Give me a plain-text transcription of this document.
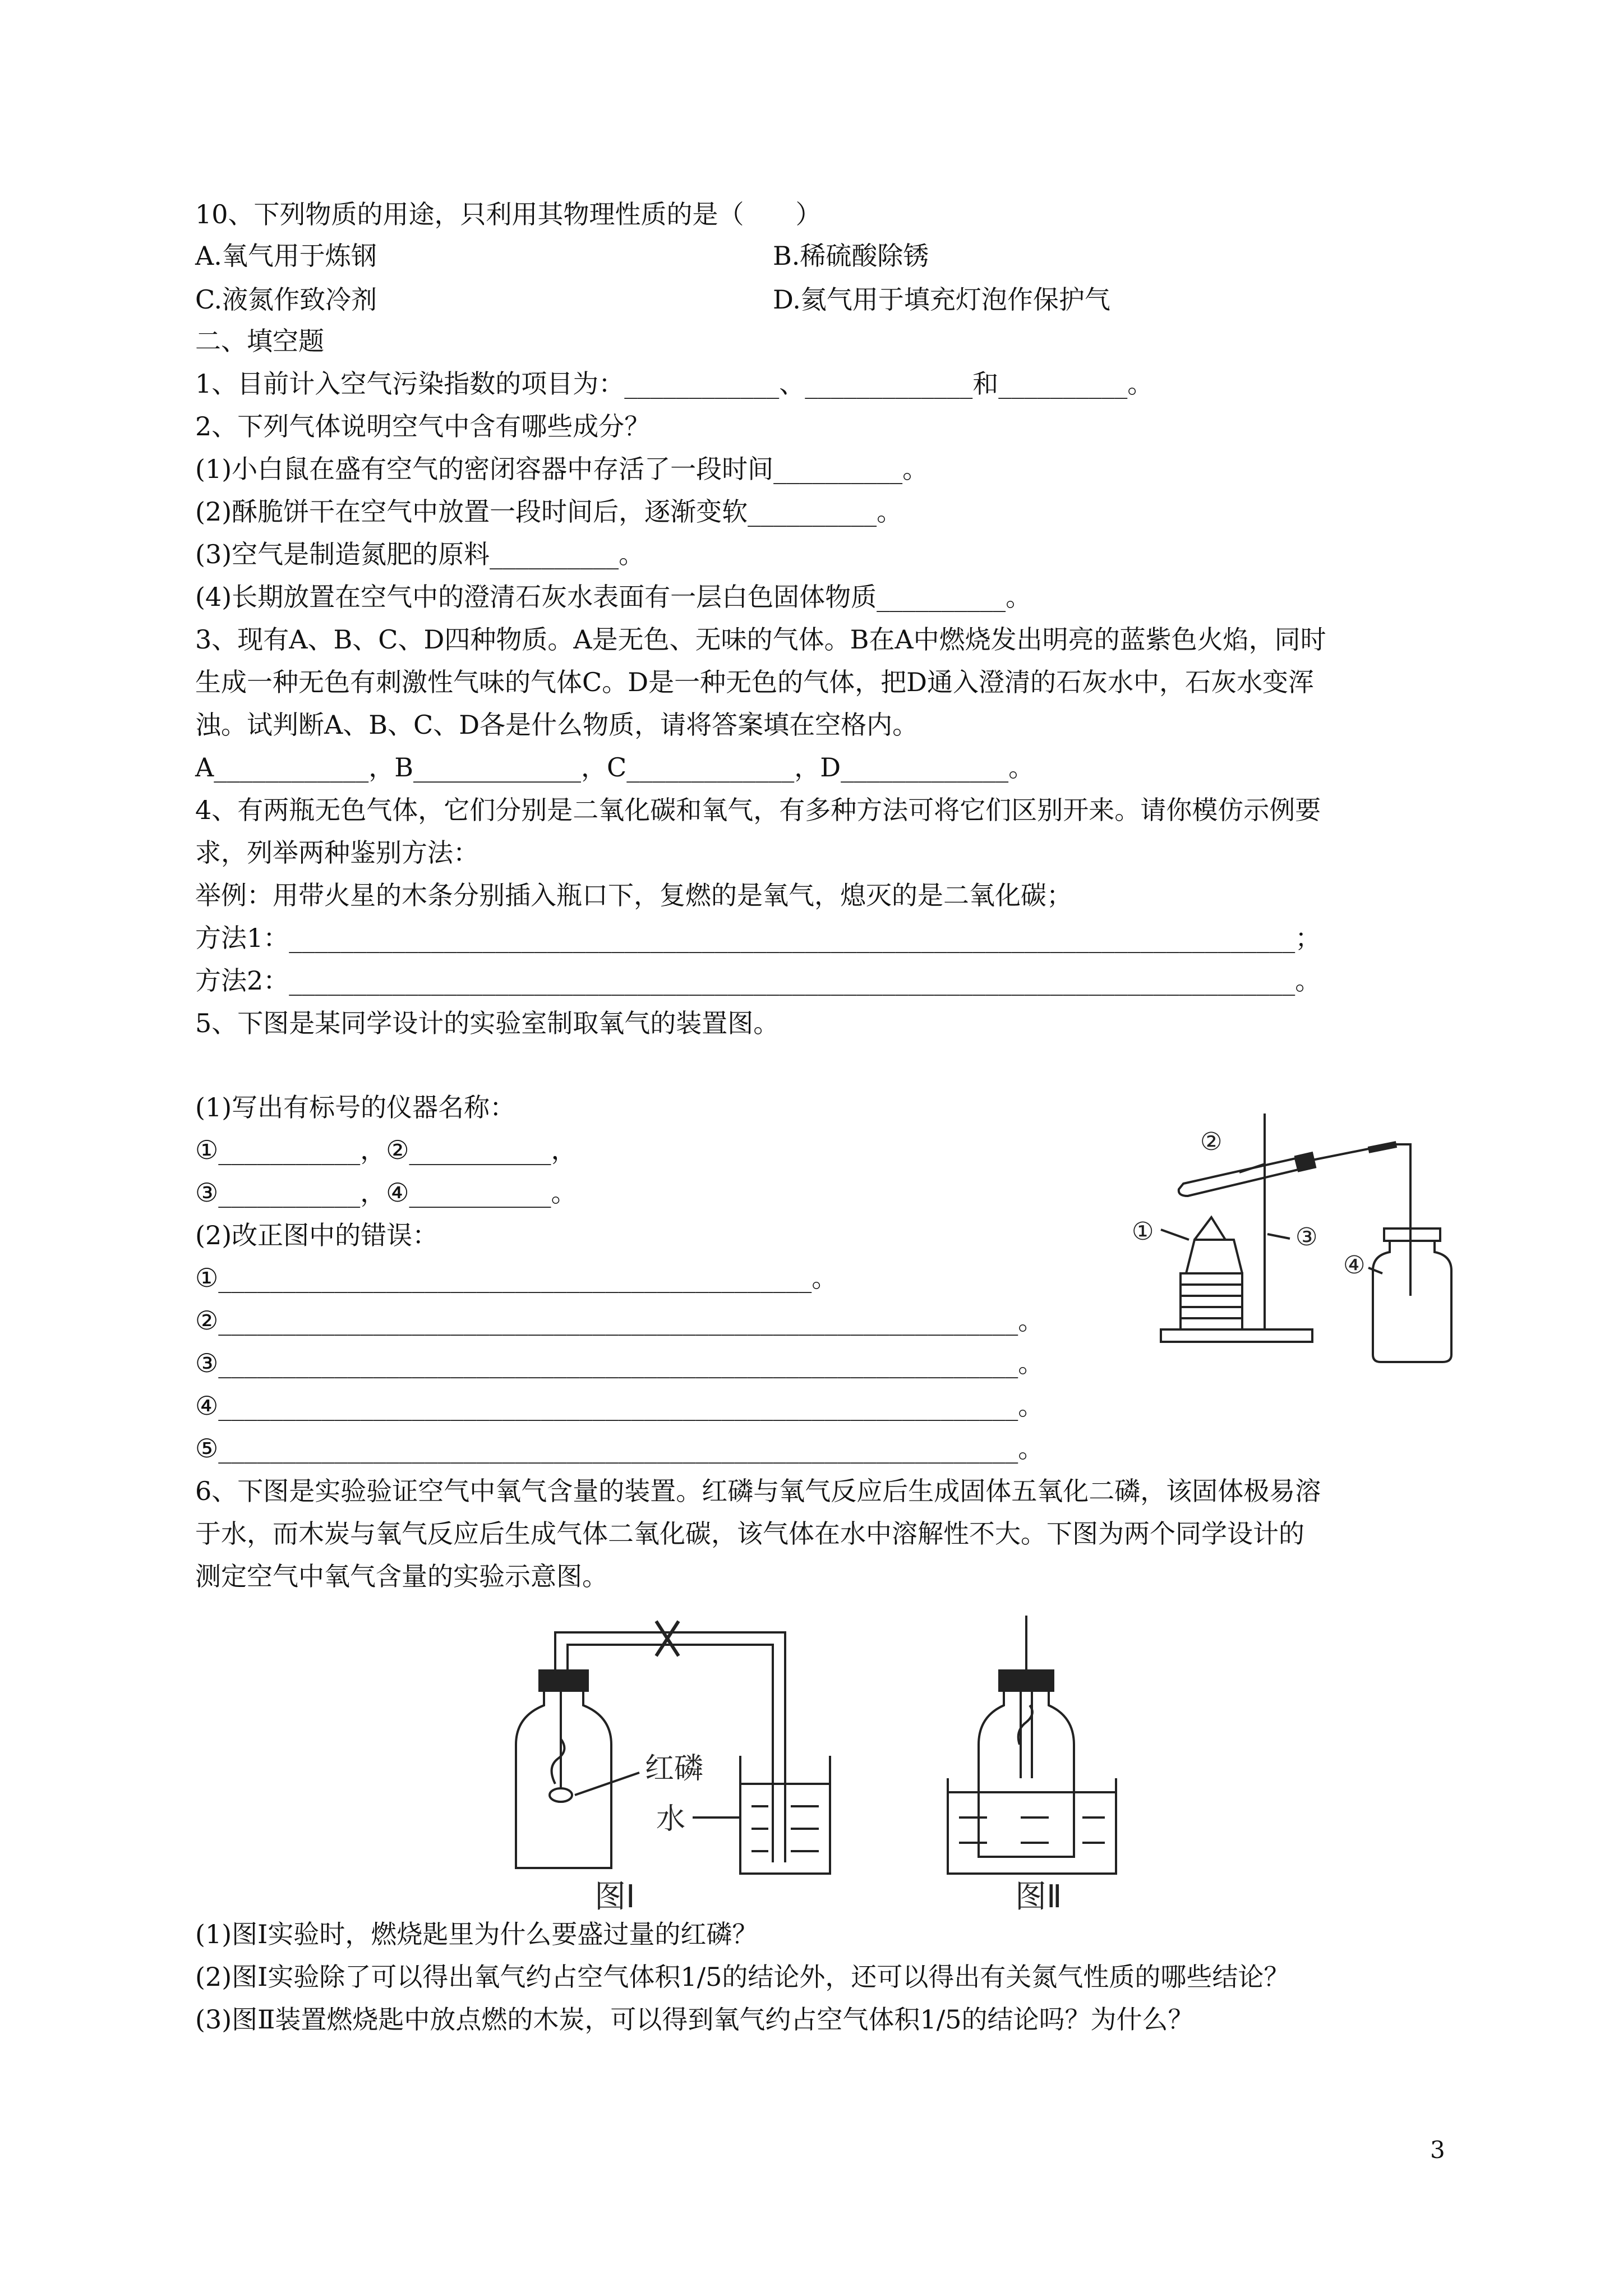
10、下列物质的用途，只利用其物理性质的是（　　）
A.氧气用于炼钢	B.稀硫酸除锈
C.液氮作致冷剂	D.氦气用于填充灯泡作保护气
二、填空题
1、目前计入空气污染指数的项目为：____________、_____________和__________。
2、下列气体说明空气中含有哪些成分？
(1)小白鼠在盛有空气的密闭容器中存活了一段时间__________。
(2)酥脆饼干在空气中放置一段时间后，逐渐变软__________。
(3)空气是制造氮肥的原料__________。
(4)长期放置在空气中的澄清石灰水表面有一层白色固体物质__________。
3、现有A、B、C、D四种物质。A是无色、无味的气体。B在A中燃烧发出明亮的蓝紫色火焰，同时
生成一种无色有刺激性气味的气体C。D是一种无色的气体，把D通入澄清的石灰水中，石灰水变浑
浊。试判断A、B、C、D各是什么物质，请将答案填在空格内。
A____________，B_____________，C_____________，D_____________。
4、有两瓶无色气体，它们分别是二氧化碳和氧气，有多种方法可将它们区别开来。请你模仿示例要
求，列举两种鉴别方法：
举例：用带火星的木条分别插入瓶口下，复燃的是氧气，熄灭的是二氧化碳；
方法1：______________________________________________________________________________；
方法2：______________________________________________________________________________。
5、下图是某同学设计的实验室制取氧气的装置图。
(1)写出有标号的仪器名称：
①___________，②___________，
③___________，④___________。
(2)改正图中的错误：
①______________________________________________。
②______________________________________________________________。
③______________________________________________________________。
④______________________________________________________________。
⑤______________________________________________________________。
②
①	③
④
6、下图是实验验证空气中氧气含量的装置。红磷与氧气反应后生成固体五氧化二磷，该固体极易溶
于水，而木炭与氧气反应后生成气体二氧化碳，该气体在水中溶解性不大。下图为两个同学设计的
测定空气中氧气含量的实验示意图。
红磷
水
图Ⅰ	图Ⅱ
(1)图Ⅰ实验时，燃烧匙里为什么要盛过量的红磷？
(2)图Ⅰ实验除了可以得出氧气约占空气体积1/5的结论外，还可以得出有关氮气性质的哪些结论？
(3)图Ⅱ装置燃烧匙中放点燃的木炭，可以得到氧气约占空气体积1/5的结论吗？为什么？
3
